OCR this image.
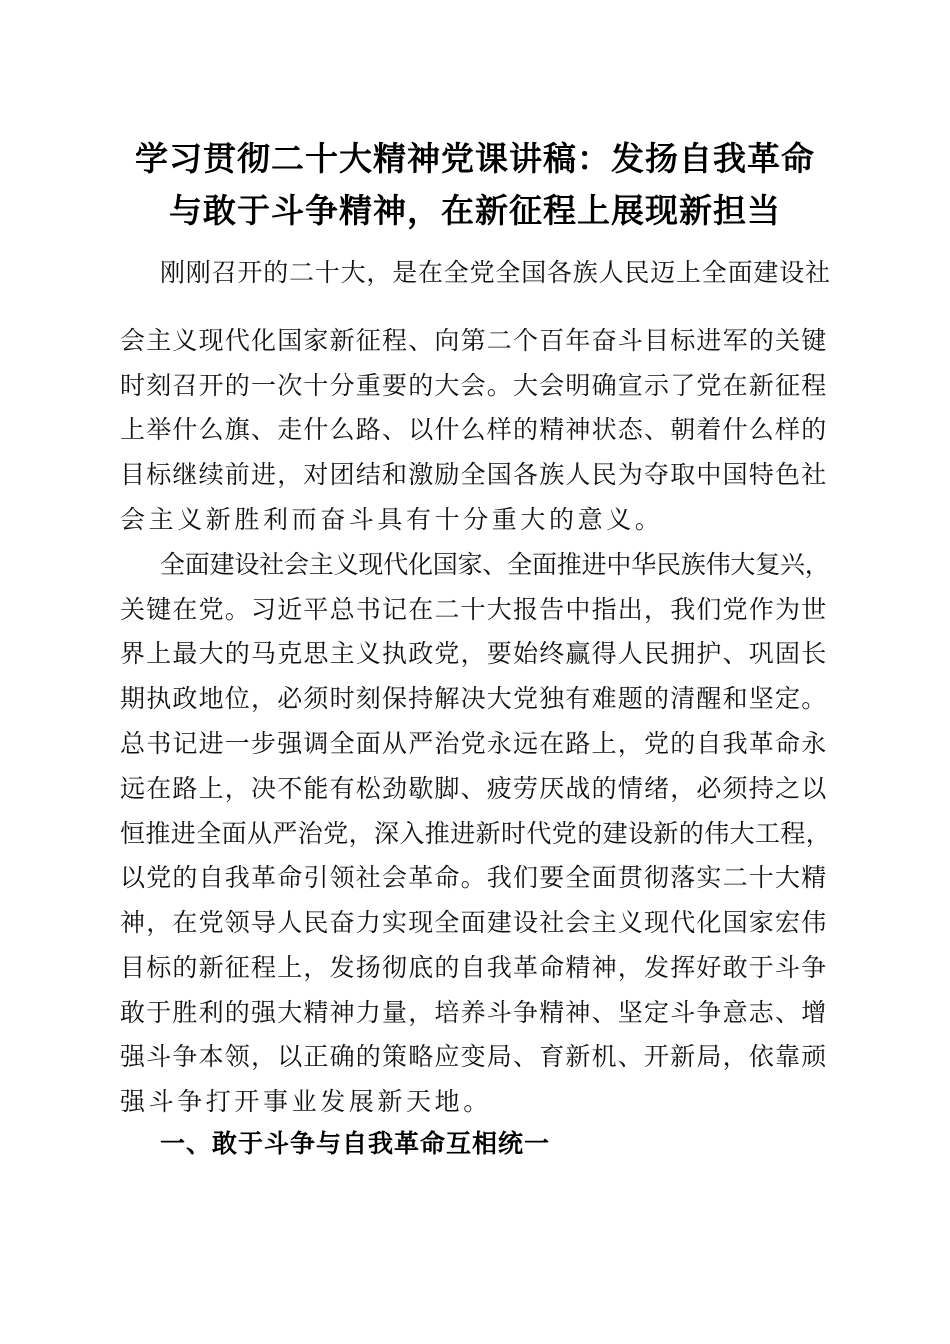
学习贯彻二十大精神党课讲稿：发扬自我革命
与敢于斗争精神，在新征程上展现新担当
刚刚召开的二十大，是在全党全国各族人民迈上全面建设社
会主义现代化国家新征程、向第二个百年奋斗目标进军的关键
时刻召开的一次十分重要的大会。大会明确宣示了党在新征程
上举什么旗、走什么路、以什么样的精神状态、朝着什么样的
目标继续前进，对团结和激励全国各族人民为夺取中国特色社
会主义新胜利而奋斗具有十分重大的意义。
全面建设社会主义现代化国家、全面推进中华民族伟大复兴，
关键在党。习近平总书记在二十大报告中指出，我们党作为世
界上最大的马克思主义执政党，要始终赢得人民拥护、巩固长
期执政地位，必须时刻保持解决大党独有难题的清醒和坚定。
总书记进一步强调全面从严治党永远在路上，党的自我革命永
远在路上，决不能有松劲歇脚、疲劳厌战的情绪，必须持之以
恒推进全面从严治党，深入推进新时代党的建设新的伟大工程，
以党的自我革命引领社会革命。我们要全面贯彻落实二十大精
神，在党领导人民奋力实现全面建设社会主义现代化国家宏伟
目标的新征程上，发扬彻底的自我革命精神，发挥好敢于斗争
敢于胜利的强大精神力量，培养斗争精神、坚定斗争意志、增
强斗争本领，以正确的策略应变局、育新机、开新局，依靠顽
强斗争打开事业发展新天地。
一、敢于斗争与自我革命互相统一
